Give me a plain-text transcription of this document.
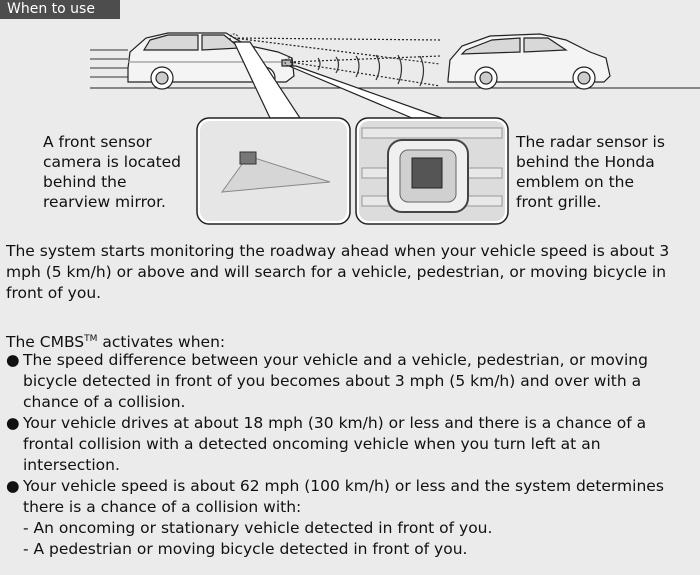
When to use
A front sensor
camera is located
behind the
rearview mirror.
The radar sensor is
behind the Honda
emblem on the
front grille.
The system starts monitoring the roadway ahead when your vehicle speed is about 3 mph (5 km/h) or above and will search for a vehicle, pedestrian, or moving bicycle in front of you.
The CMBS™ activates when:
● The speed difference between your vehicle and a vehicle, pedestrian, or moving bicycle detected in front of you becomes about 3 mph (5 km/h) and over with a chance of a collision.
● Your vehicle drives at about 18 mph (30 km/h) or less and there is a chance of a frontal collision with a detected oncoming vehicle when you turn left at an intersection.
● Your vehicle speed is about 62 mph (100 km/h) or less and the system determines there is a chance of a collision with:
- An oncoming or stationary vehicle detected in front of you.
- A pedestrian or moving bicycle detected in front of you.
